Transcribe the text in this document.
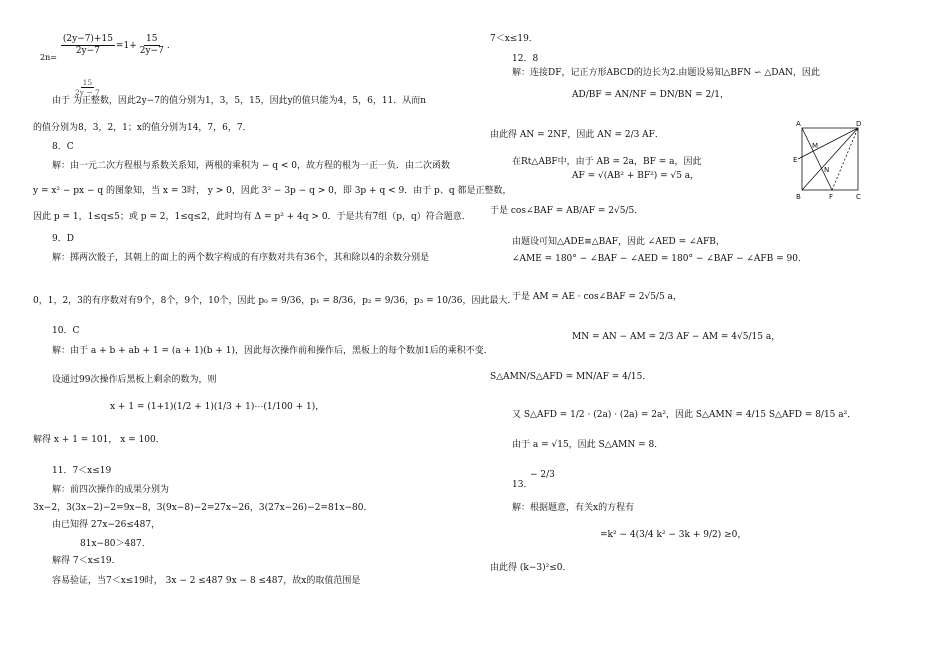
2n=
$\frac{(2y-7)+15}{2y-7} =1+ \frac{15}{2y-7}$ .
$\frac{15}{2y - 7}$
由于 为正整数，因此2y−7的值分别为1，3，5，15，因此y的值只能为4，5，6，11．从而n
的值分别为8，3，2，1；x的值分别为14，7，6，7．
8．C
解：由一元二次方程根与系数关系知，两根的乘积为 − q < 0，故方程的根为一正一负．由二次函数
y = x² − px − q 的图象知，当 x = 3时， y > 0，因此 3² − 3p − q > 0，即 3p + q < 9．由于 p、q 都是正整数，
因此 p = 1，1≤q≤5；或 p = 2，1≤q≤2，此时均有 Δ = p² + 4q > 0．于是共有7组（p，q）符合题意．
9．D
解：掷两次骰子，其朝上的面上的两个数字构成的有序数对共有36个，其和除以4的余数分别是
0，1，2，3的有序数对有9个，8个，9个，10个，因此 p₀ = 9/36，p₁ = 8/36，p₂ = 9/36，p₃ = 10/36，因此最大．
10．C
解：由于 a + b + ab + 1 = (a + 1)(b + 1)，因此每次操作前和操作后，黑板上的每个数加1后的乘积不变．
设通过99次操作后黑板上剩余的数为，则
x + 1 = (1+1)(1/2 + 1)(1/3 + 1)⋯(1/100 + 1)，
解得 x + 1 = 101， x = 100．
11．7＜x≤19
解：前四次操作的成果分别为
3x−2，3(3x−2)−2=9x−8，3(9x−8)−2=27x−26，3(27x−26)−2=81x−80．
由已知得 27x−26≤487，
81x−80＞487．
解得 7＜x≤19．
容易验证，当7＜x≤19时， 3x − 2 ≤487 9x − 8 ≤487，故x的取值范围是
7＜x≤19．
12．8
解：连接DF，记正方形ABCD的边长为2.由题设易知△BFN ∽ △DAN，因此
AD/BF = AN/NF = DN/BN = 2/1，
由此得 AN = 2NF，因此 AN = 2/3 AF．
在Rt△ABF中，由于 AB = 2a，BF = a，因此
AF = √(AB² + BF²) = √5 a，
于是 cos∠BAF = AB/AF = 2√5/5．
由题设可知△ADE≌△BAF，因此 ∠AED = ∠AFB，
∠AME = 180° − ∠BAF − ∠AED = 180° − ∠BAF − ∠AFB = 90．
于是 AM = AE · cos∠BAF = 2√5/5 a，
MN = AN − AM = 2/3 AF − AM = 4√5/15 a，
S△AMN/S△AFD = MN/AF = 4/15．
又 S△AFD = 1/2 · (2a) · (2a) = 2a²，因此 S△AMN = 4/15 S△AFD = 8/15 a²．
由于 a = √15，因此 S△AMN = 8．
13．
− 2/3
解：根据题意，有关x的方程有
=k² − 4(3/4 k² − 3k + 9/2) ≥0，
由此得 (k−3)²≤0．
A	D
M
E
N
B	F	C
